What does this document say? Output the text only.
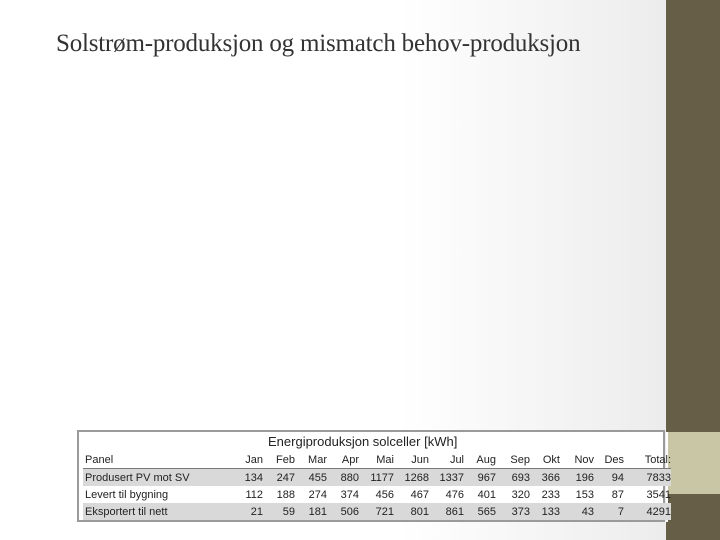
Solstrøm-produksjon og mismatch behov-produksjon
Energiproduksjon solceller [kWh]
Panel	Jan	Feb	Mar	Apr	Mai	Jun	Jul	Aug	Sep	Okt	Nov	Des	Total:
Produsert PV mot SV	134	247	455	880	1177	1268	1337	967	693	366	196	94	7833
Levert til bygning	112	188	274	374	456	467	476	401	320	233	153	87	3541
Eksportert til nett	21	59	181	506	721	801	861	565	373	133	43	7	4291
